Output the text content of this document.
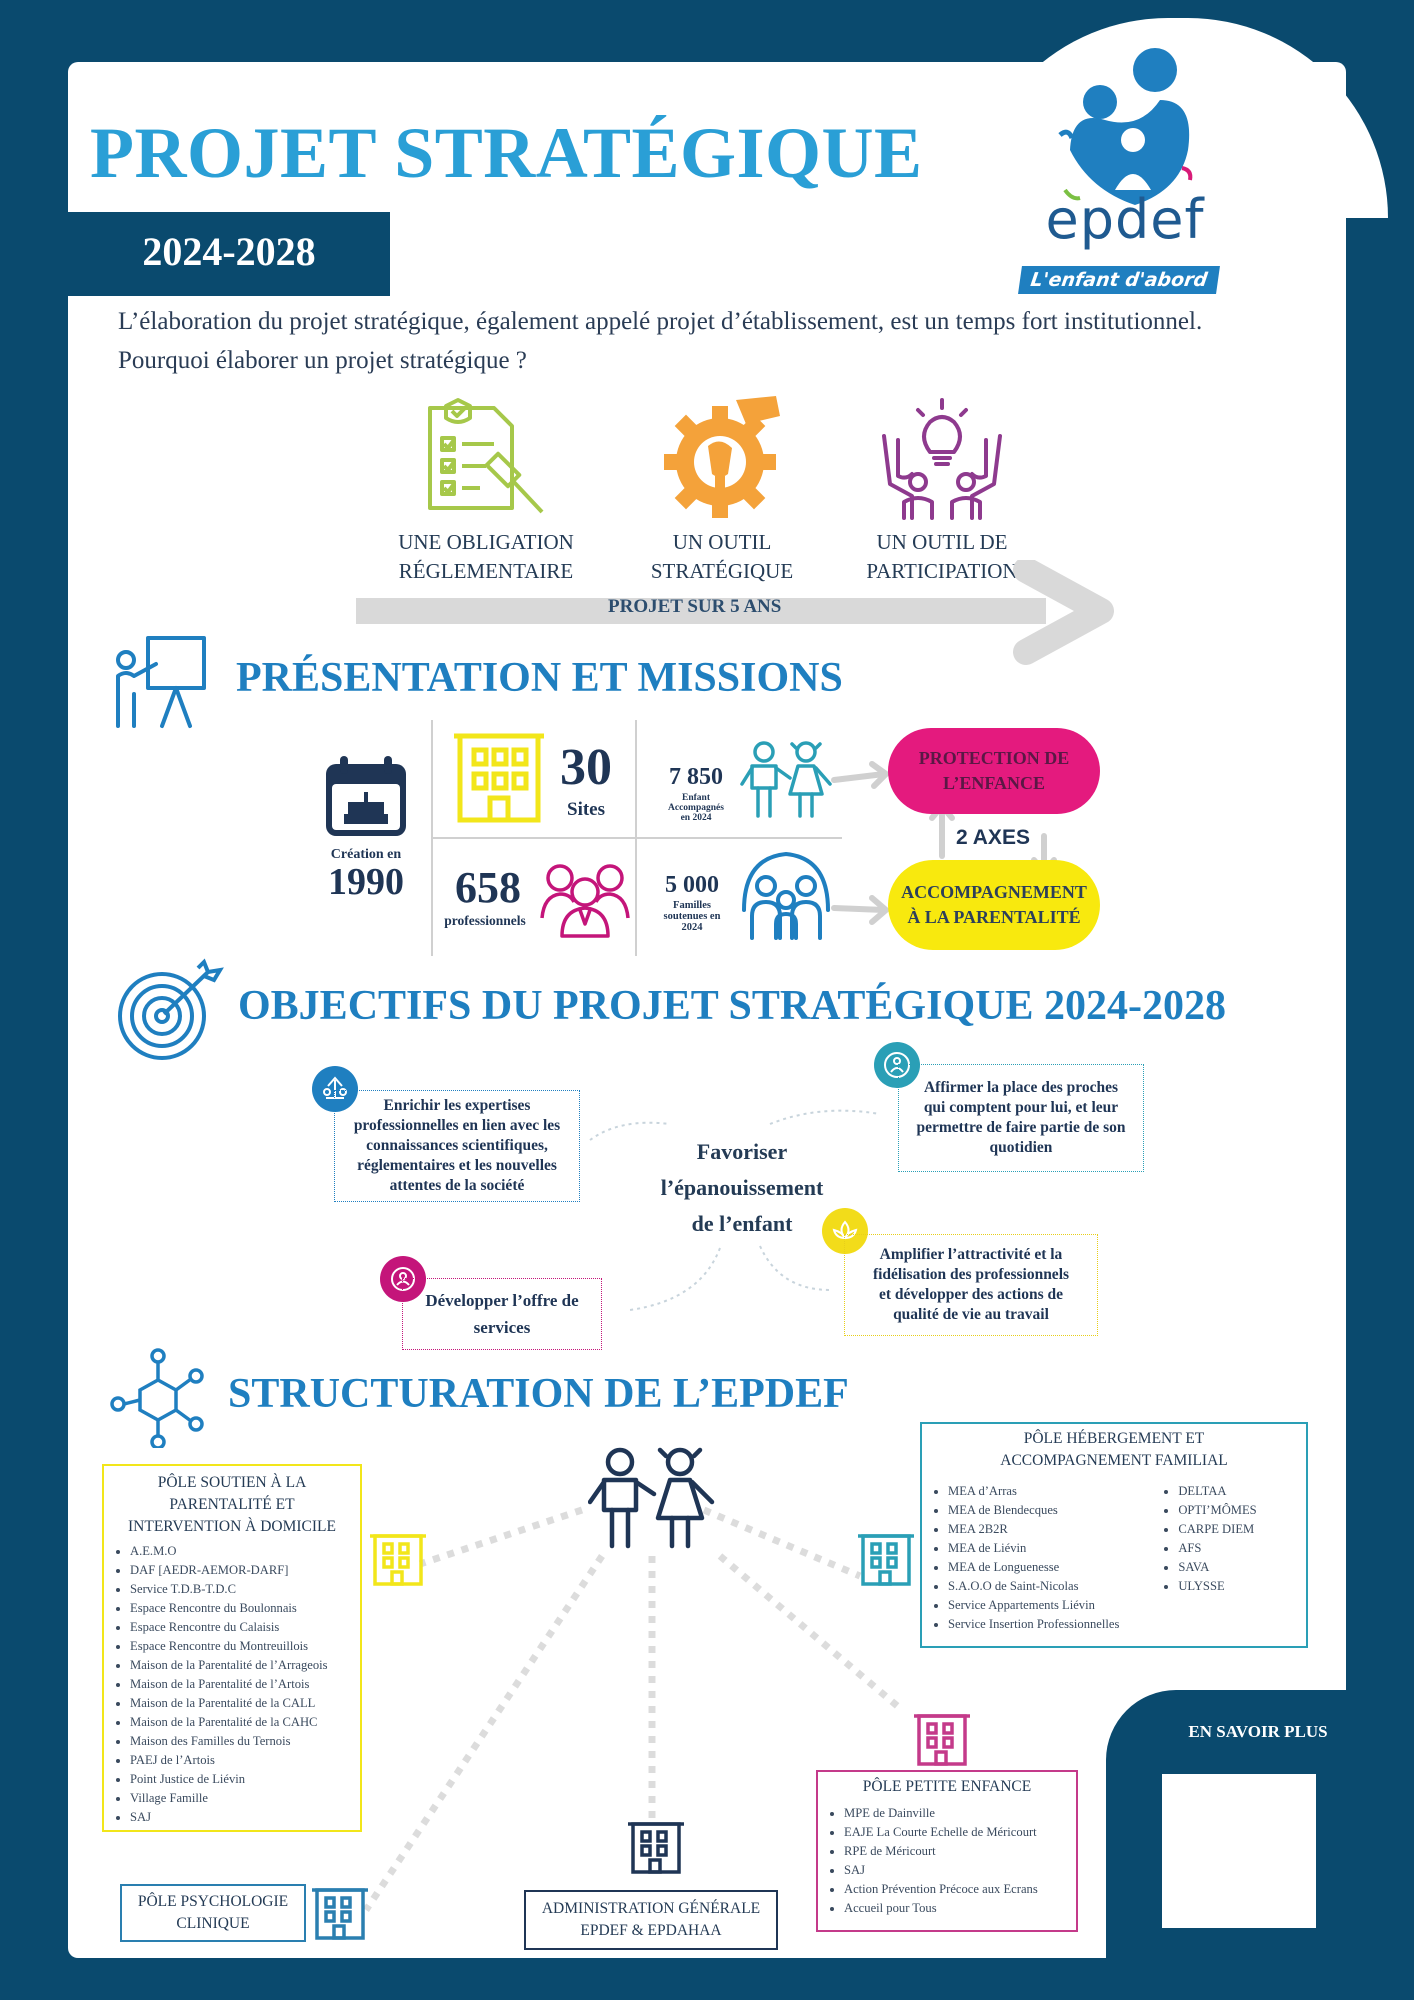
PROJET STRATÉGIQUE
2024-2028
epdef
L'enfant d'abord
L’élaboration du projet stratégique, également appelé projet d’établissement, est un temps fort institutionnel. Pourquoi élaborer un projet stratégique ?
UNE OBLIGATION
RÉGLEMENTAIRE
UN OUTIL
STRATÉGIQUE
UN OUTIL DE
PARTICIPATION
PROJET SUR 5 ANS
PRÉSENTATION ET MISSIONS
Création en
1990
30
Sites
7 850
Enfant
Accompagnés
en 2024
658
professionnels
5 000
Familles
soutenues en
2024
PROTECTION DE
L’ENFANCE
2 AXES
ACCOMPAGNEMENT
À LA PARENTALITÉ
OBJECTIFS DU PROJET STRATÉGIQUE 2024-2028
Enrichir les expertises
professionnelles en lien avec les
connaissances scientifiques,
réglementaires et les nouvelles
attentes de la société
Affirmer la place des proches
qui comptent pour lui, et leur
permettre de faire partie de son
quotidien
Favoriser
l’épanouissement
de l’enfant
Amplifier l’attractivité et la
fidélisation des professionnels
et développer des actions de
qualité de vie au travail
Développer l’offre de
services
STRUCTURATION DE L’EPDEF
PÔLE SOUTIEN À LA
PARENTALITÉ ET
INTERVENTION À DOMICILE
• A.E.M.O
• DAF [AEDR-AEMOR-DARF]
• Service T.D.B-T.D.C
• Espace Rencontre du Boulonnais
• Espace Rencontre du Calaisis
• Espace Rencontre du Montreuillois
• Maison de la Parentalité de l’Arrageois
• Maison de la Parentalité de l’Artois
• Maison de la Parentalité de la CALL
• Maison de la Parentalité de la CAHC
• Maison des Familles du Ternois
• PAEJ de l’Artois
• Point Justice de Liévin
• Village Famille
• SAJ
PÔLE HÉBERGEMENT ET
ACCOMPAGNEMENT FAMILIAL
• MEA d’Arras
• MEA de Blendecques
• MEA 2B2R
• MEA de Liévin
• MEA de Longuenesse
• S.A.O.O de Saint-Nicolas
• Service Appartements Liévin
• Service Insertion Professionnelles
• DELTAA
• OPTI’MÔMES
• CARPE DIEM
• AFS
• SAVA
• ULYSSE
PÔLE PETITE ENFANCE
• MPE de Dainville
• EAJE La Courte Echelle de Méricourt
• RPE de Méricourt
• SAJ
• Action Prévention Précoce aux Ecrans
• Accueil pour Tous
PÔLE PSYCHOLOGIE
CLINIQUE
ADMINISTRATION GÉNÉRALE
EPDEF & EPDAHAA
EN SAVOIR PLUS
